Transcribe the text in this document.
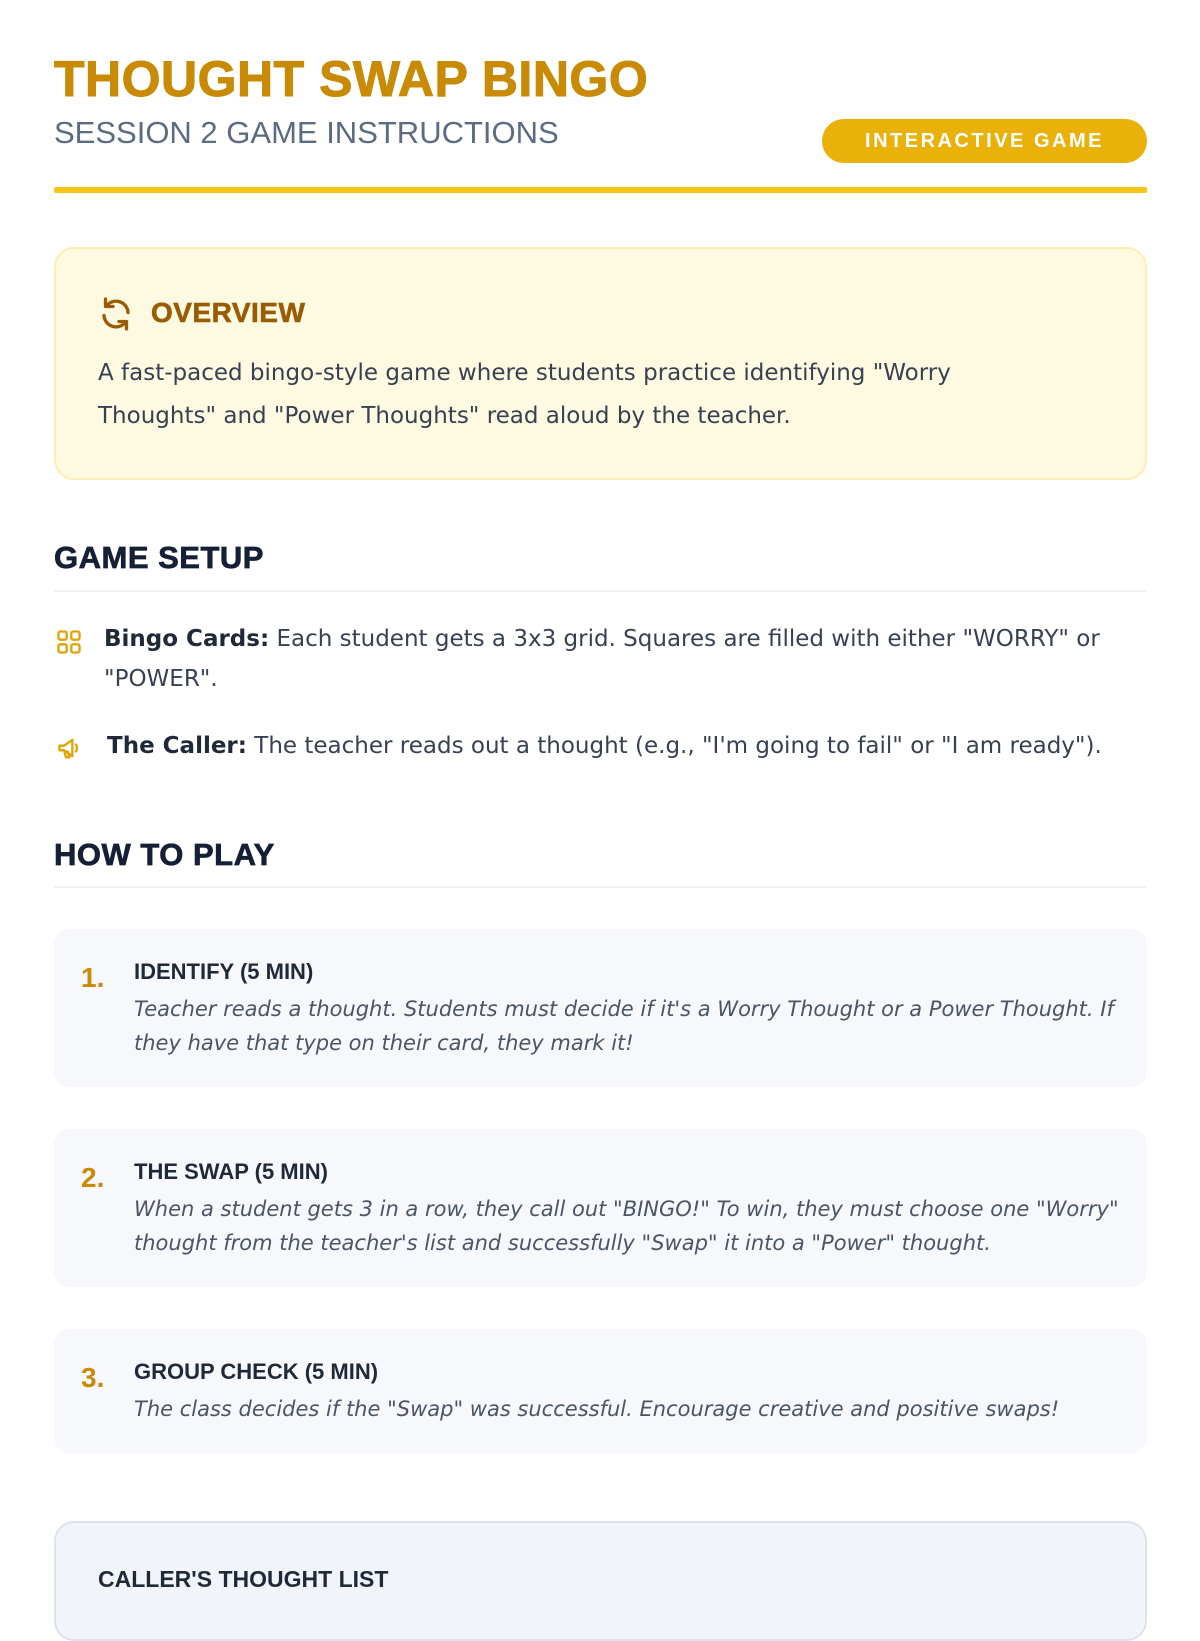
THOUGHT SWAP BINGO
SESSION 2 GAME INSTRUCTIONS	INTERACTIVE GAME
OVERVIEW
A fast-paced bingo-style game where students practice identifying "Worry Thoughts" and "Power Thoughts" read aloud by the teacher.
GAME SETUP
Bingo Cards: Each student gets a 3x3 grid. Squares are filled with either "WORRY" or "POWER".
The Caller: The teacher reads out a thought (e.g., "I'm going to fail" or "I am ready").
HOW TO PLAY
1. IDENTIFY (5 MIN)
Teacher reads a thought. Students must decide if it's a Worry Thought or a Power Thought. If they have that type on their card, they mark it!
2. THE SWAP (5 MIN)
When a student gets 3 in a row, they call out "BINGO!" To win, they must choose one "Worry" thought from the teacher's list and successfully "Swap" it into a "Power" thought.
3. GROUP CHECK (5 MIN)
The class decides if the "Swap" was successful. Encourage creative and positive swaps!
CALLER'S THOUGHT LIST
